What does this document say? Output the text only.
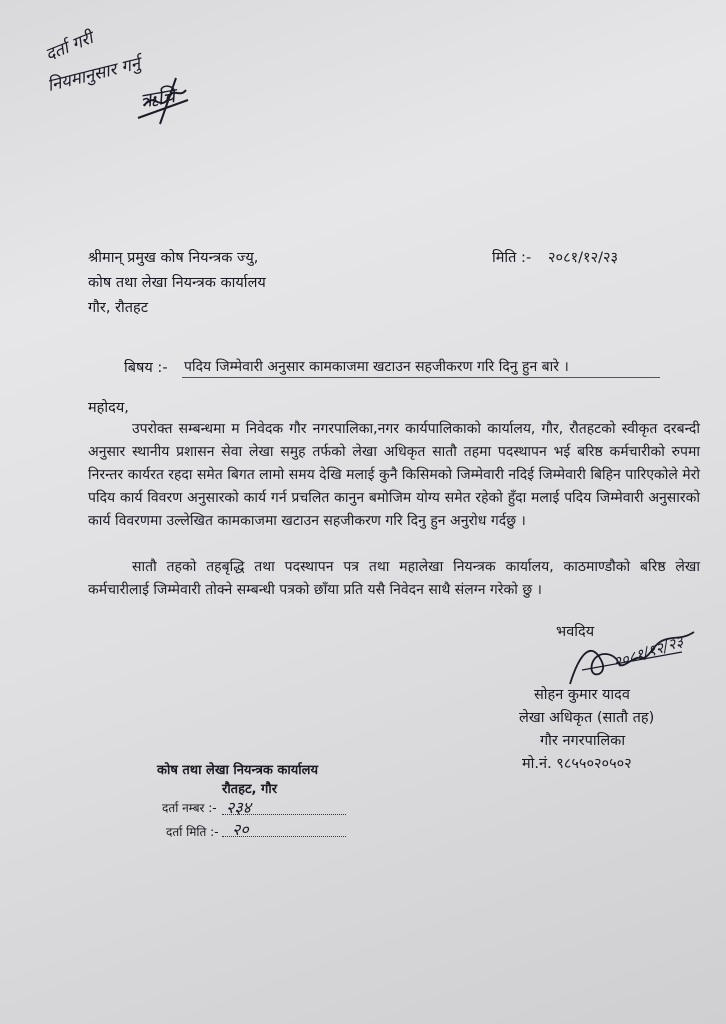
दर्ता गरी
नियमानुसार गर्नु
ऋचि
श्रीमान् प्रमुख कोष नियन्त्रक ज्यु,
कोष तथा लेखा नियन्त्रक कार्यालय
गौर, रौतहट
मिति :- २०८१/१२/२३
बिषय :- पदिय जिम्मेवारी अनुसार कामकाजमा खटाउन सहजीकरण गरि दिनु हुन बारे ।
महोदय,
उपरोक्त सम्बन्धमा म निवेदक गौर नगरपालिका,नगर कार्यपालिकाको कार्यालय, गौर, रौतहटको स्वीकृत दरबन्दी अनुसार स्थानीय प्रशासन सेवा लेखा समुह तर्फको लेखा अधिकृत सातौ तहमा पदस्थापन भई बरिष्ठ कर्मचारीको रुपमा निरन्तर कार्यरत रहदा समेत बिगत लामो समय देखि मलाई कुनै किसिमको जिम्मेवारी नदिई जिम्मेवारी बिहिन पारिएकोले मेरो पदिय कार्य विवरण अनुसारको कार्य गर्न प्रचलित कानुन बमोजिम योग्य समेत रहेको हुँदा मलाई पदिय जिम्मेवारी अनुसारको कार्य विवरणमा उल्लेखित कामकाजमा खटाउन सहजीकरण गरि दिनु हुन अनुरोध गर्दछु ।
सातौ तहको तहबृद्धि तथा पदस्थापन पत्र तथा महालेखा नियन्त्रक कार्यालय, काठमाण्डौको बरिष्ठ लेखा कर्मचारीलाई जिम्मेवारी तोक्ने सम्बन्धी पत्रको छाँया प्रति यसै निवेदन साथै संलग्न गरेको छु ।
भवदिय
२०८१/१२/२३
सोहन कुमार यादव
लेखा अधिकृत (सातौ तह)
गौर नगरपालिका
मो.नं. ९८५५०२०५०२
कोष तथा लेखा नियन्त्रक कार्यालय
रौतहट, गौर
दर्ता नम्बर :- २३४
दर्ता मिति :- २०
